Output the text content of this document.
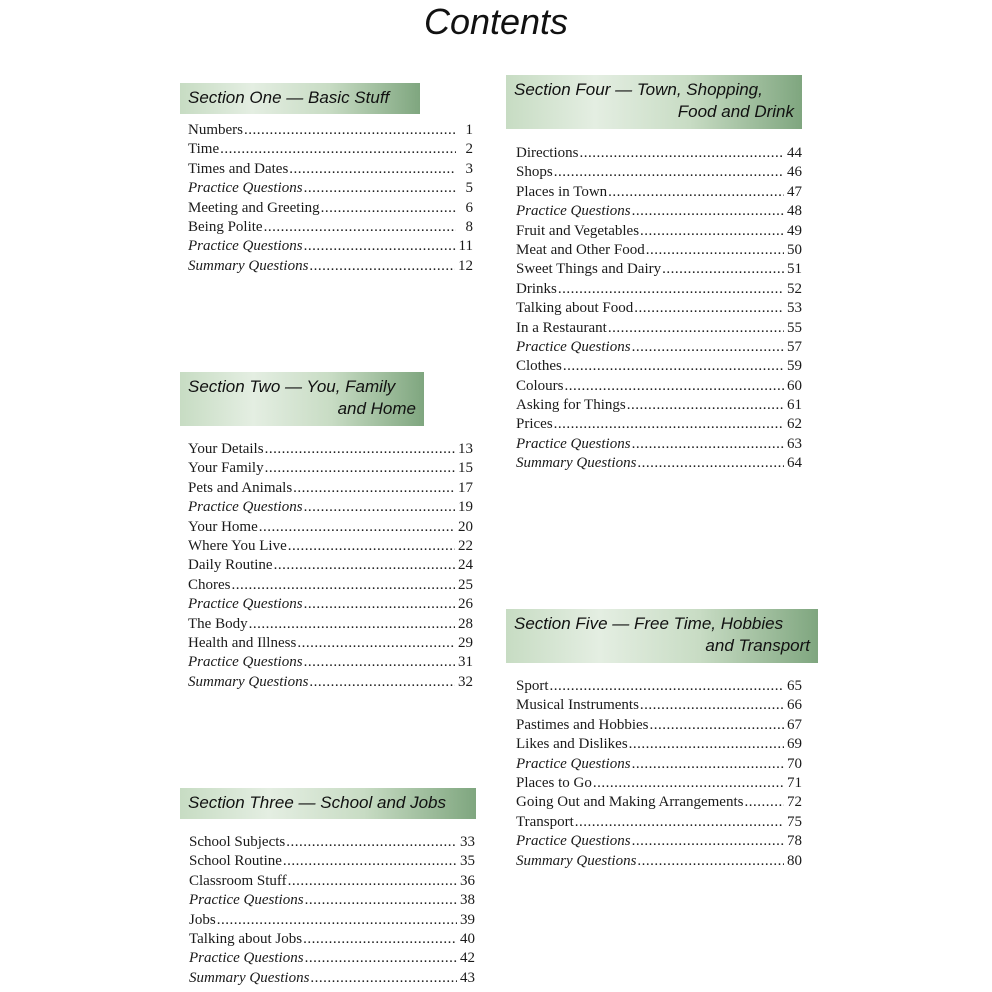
Contents
Section One — Basic Stuff
Numbers .....	1
Time .....	2
Times and Dates .....	3
Practice Questions .....	5
Meeting and Greeting .....	6
Being Polite .....	8
Practice Questions .....	11
Summary Questions .....	12
Section Two — You, Family
and Home
Your Details .....	13
Your Family .....	15
Pets and Animals .....	17
Practice Questions .....	19
Your Home .....	20
Where You Live .....	22
Daily Routine .....	24
Chores .....	25
Practice Questions .....	26
The Body .....	28
Health and Illness .....	29
Practice Questions .....	31
Summary Questions .....	32
Section Three — School and Jobs
School Subjects .....	33
School Routine .....	35
Classroom Stuff .....	36
Practice Questions .....	38
Jobs .....	39
Talking about Jobs .....	40
Practice Questions .....	42
Summary Questions .....	43
Section Four — Town, Shopping,
Food and Drink
Directions .....	44
Shops .....	46
Places in Town .....	47
Practice Questions .....	48
Fruit and Vegetables .....	49
Meat and Other Food .....	50
Sweet Things and Dairy .....	51
Drinks .....	52
Talking about Food .....	53
In a Restaurant .....	55
Practice Questions .....	57
Clothes .....	59
Colours .....	60
Asking for Things .....	61
Prices .....	62
Practice Questions .....	63
Summary Questions .....	64
Section Five — Free Time, Hobbies
and Transport
Sport .....	65
Musical Instruments .....	66
Pastimes and Hobbies .....	67
Likes and Dislikes .....	69
Practice Questions .....	70
Places to Go .....	71
Going Out and Making Arrangements .....	72
Transport .....	75
Practice Questions .....	78
Summary Questions .....	80
